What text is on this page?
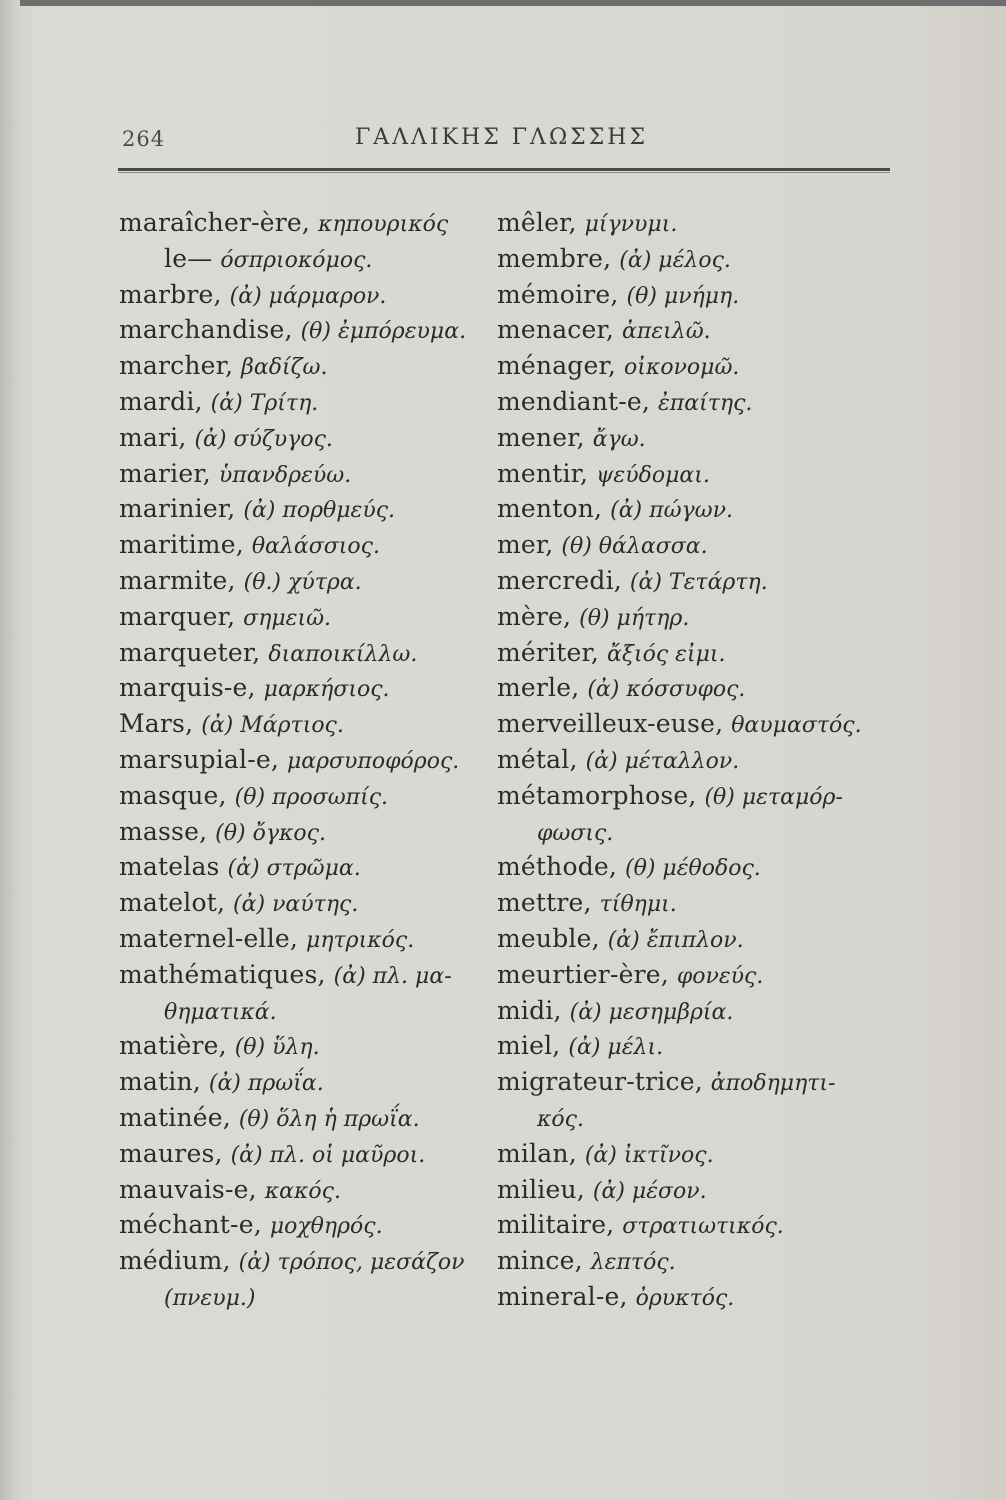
264	ΓΑΛΛΙΚΗΣ ΓΛΩΣΣΗΣ
maraîcher-ère, κηπουρικός
le— όσπριοκόμος.
marbre, (ἀ) μάρμαρον.
marchandise, (θ) ἐμπόρευμα.
marcher, βαδίζω.
mardi, (ἀ) Τρίτη.
mari, (ἀ) σύζυγος.
marier, ὑπανδρεύω.
marinier, (ἀ) πορθμεύς.
maritime, θαλάσσιος.
marmite, (θ.) χύτρα.
marquer, σημειῶ.
marqueter, διαποικίλλω.
marquis-e, μαρκήσιος.
Mars, (ἀ) Μάρτιος.
marsupial-e, μαρσυποφόρος.
masque, (θ) προσωπίς.
masse, (θ) ὄγκος.
matelas (ἀ) στρῶμα.
matelot, (ἀ) ναύτης.
maternel-elle, μητρικός.
mathématiques, (ἀ) πλ. μα-
θηματικά.
matière, (θ) ὕλη.
matin, (ἀ) πρωΐα.
matinée, (θ) ὅλη ἡ πρωΐα.
maures, (ἀ) πλ. οἱ μαῦροι.
mauvais-e, κακός.
méchant-e, μοχθηρός.
médium, (ἀ) τρόπος, μεσάζον
(πνευμ.)
mêler, μίγνυμι.
membre, (ἀ) μέλος.
mémoire, (θ) μνήμη.
menacer, ἀπειλῶ.
ménager, οἰκονομῶ.
mendiant-e, ἐπαίτης.
mener, ἄγω.
mentir, ψεύδομαι.
menton, (ἀ) πώγων.
mer, (θ) θάλασσα.
mercredi, (ἀ) Τετάρτη.
mère, (θ) μήτηρ.
mériter, ἄξιός εἰμι.
merle, (ἀ) κόσσυφος.
merveilleux-euse, θαυμαστός.
métal, (ἀ) μέταλλον.
métamorphose, (θ) μεταμόρ-
φωσις.
méthode, (θ) μέθοδος.
mettre, τίθημι.
meuble, (ἀ) ἔπιπλον.
meurtier-ère, φονεύς.
midi, (ἀ) μεσημβρία.
miel, (ἀ) μέλι.
migrateur-trice, ἀποδημητι-
κός.
milan, (ἀ) ἰκτῖνος.
milieu, (ἀ) μέσον.
militaire, στρατιωτικός.
mince, λεπτός.
mineral-e, ὀρυκτός.
